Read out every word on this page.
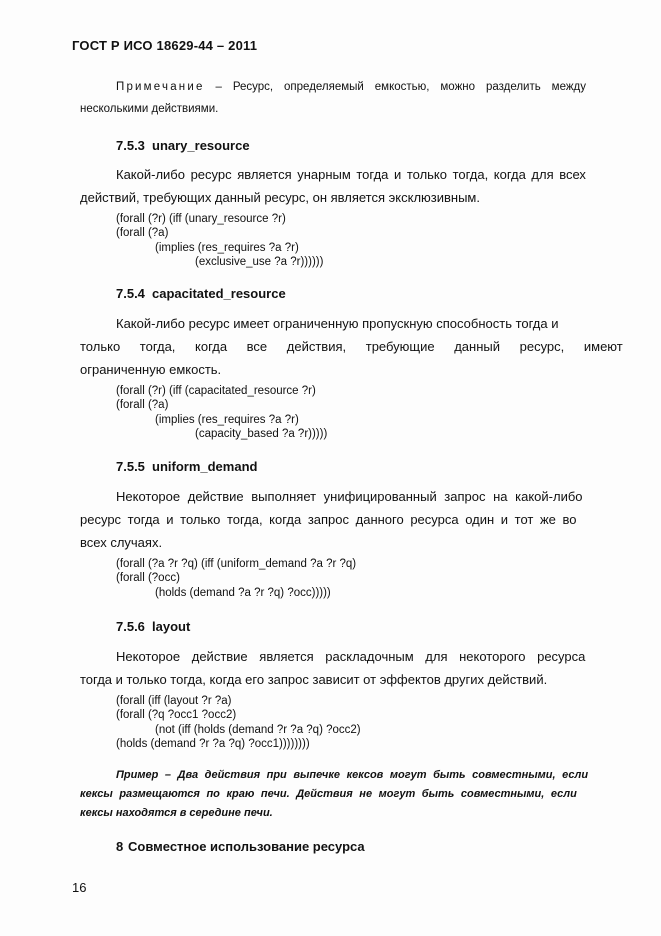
ГОСТ Р ИСО 18629-44 – 2011
Примечание – Ресурс, определяемый емкостью, можно разделить между
несколькими действиями.
7.5.3 unary_resource
Какой-либо ресурс является унарным тогда и только тогда, когда для всех
действий, требующих данный ресурс, он является эксклюзивным.
(forall (?r) (iff (unary_resource ?r)
(forall (?a)
(implies (res_requires ?a ?r)
(exclusive_use ?a ?r))))))
7.5.4 capacitated_resource
Какой-либо ресурс имеет ограниченную пропускную способность тогда и
только тогда, когда все действия, требующие данный ресурс, имеют
ограниченную емкость.
(forall (?r) (iff (capacitated_resource ?r)
(forall (?a)
(implies (res_requires ?a ?r)
(capacity_based ?a ?r)))))
7.5.5 uniform_demand
Некоторое действие выполняет унифицированный запрос на какой-либо
ресурс тогда и только тогда, когда запрос данного ресурса один и тот же во
всех случаях.
(forall (?a ?r ?q) (iff (uniform_demand ?a ?r ?q)
(forall (?occ)
(holds (demand ?a ?r ?q) ?occ)))))
7.5.6 layout
Некоторое действие является раскладочным для некоторого ресурса
тогда и только тогда, когда его запрос зависит от эффектов других действий.
(forall (iff (layout ?r ?a)
(forall (?q ?occ1 ?occ2)
(not (iff (holds (demand ?r ?a ?q) ?occ2)
(holds (demand ?r ?a ?q) ?occ1))))))))
Пример – Два действия при выпечке кексов могут быть совместными, если
кексы размещаются по краю печи. Действия не могут быть совместными, если
кексы находятся в середине печи.
8 Совместное использование ресурса
16
